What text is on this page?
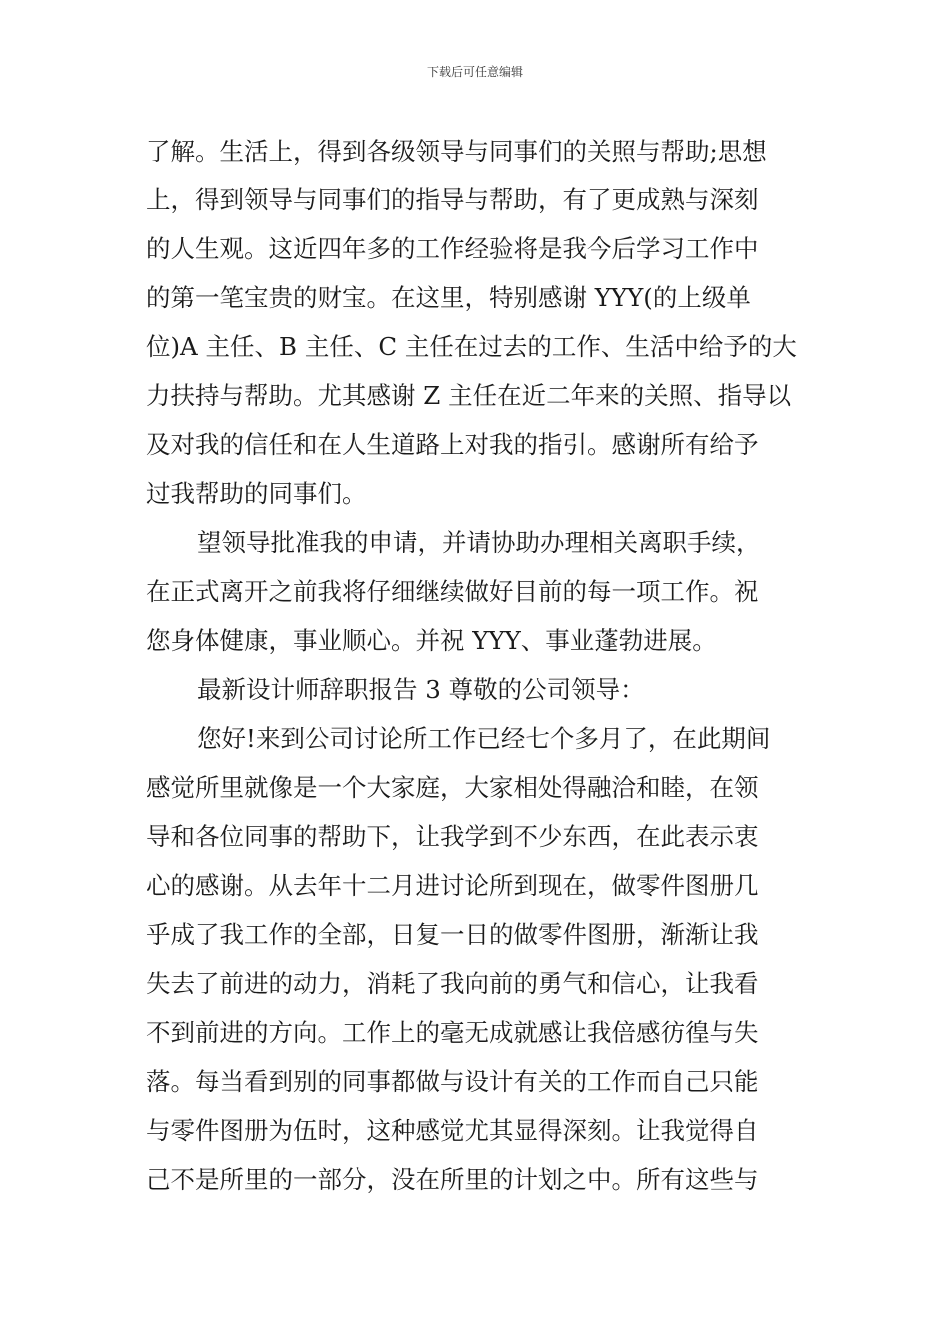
下载后可任意编辑
了解。生活上，得到各级领导与同事们的关照与帮助;思想
上，得到领导与同事们的指导与帮助，有了更成熟与深刻
的人生观。这近四年多的工作经验将是我今后学习工作中
的第一笔宝贵的财宝。在这里，特别感谢 YYY(的上级单
位)A 主任、B 主任、C 主任在过去的工作、生活中给予的大
力扶持与帮助。尤其感谢 Z 主任在近二年来的关照、指导以
及对我的信任和在人生道路上对我的指引。感谢所有给予
过我帮助的同事们。
望领导批准我的申请，并请协助办理相关离职手续，
在正式离开之前我将仔细继续做好目前的每一项工作。祝
您身体健康，事业顺心。并祝 YYY、事业蓬勃进展。
最新设计师辞职报告 3 尊敬的公司领导：
您好!来到公司讨论所工作已经七个多月了，在此期间
感觉所里就像是一个大家庭，大家相处得融洽和睦，在领
导和各位同事的帮助下，让我学到不少东西，在此表示衷
心的感谢。从去年十二月进讨论所到现在，做零件图册几
乎成了我工作的全部，日复一日的做零件图册，渐渐让我
失去了前进的动力，消耗了我向前的勇气和信心，让我看
不到前进的方向。工作上的毫无成就感让我倍感彷徨与失
落。每当看到别的同事都做与设计有关的工作而自己只能
与零件图册为伍时，这种感觉尤其显得深刻。让我觉得自
己不是所里的一部分，没在所里的计划之中。所有这些与
